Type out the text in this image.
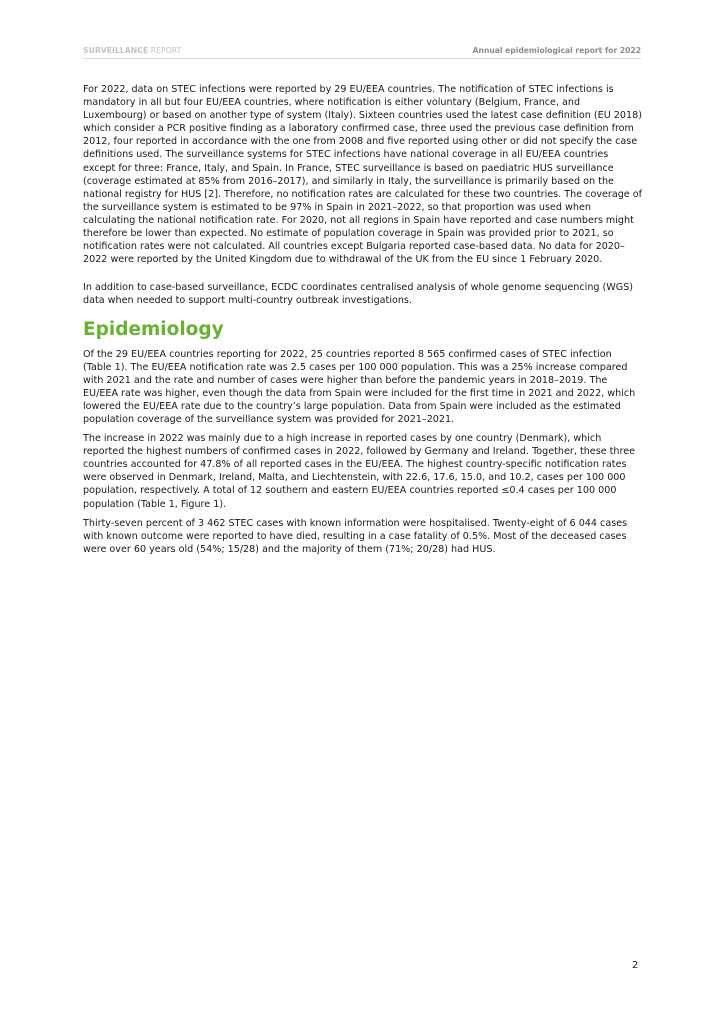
SURVEILLANCE REPORT	Annual epidemiological report for 2022

For 2022, data on STEC infections were reported by 29 EU/EEA countries. The notification of STEC infections is mandatory in all but four EU/EEA countries, where notification is either voluntary (Belgium, France, and Luxembourg) or based on another type of system (Italy). Sixteen countries used the latest case definition (EU 2018) which consider a PCR positive finding as a laboratory confirmed case, three used the previous case definition from 2012, four reported in accordance with the one from 2008 and five reported using other or did not specify the case definitions used. The surveillance systems for STEC infections have national coverage in all EU/EEA countries except for three: France, Italy, and Spain. In France, STEC surveillance is based on paediatric HUS surveillance (coverage estimated at 85% from 2016–2017), and similarly in Italy, the surveillance is primarily based on the national registry for HUS [2]. Therefore, no notification rates are calculated for these two countries. The coverage of the surveillance system is estimated to be 97% in Spain in 2021–2022, so that proportion was used when calculating the national notification rate. For 2020, not all regions in Spain have reported and case numbers might therefore be lower than expected. No estimate of population coverage in Spain was provided prior to 2021, so notification rates were not calculated. All countries except Bulgaria reported case-based data. No data for 2020–2022 were reported by the United Kingdom due to withdrawal of the UK from the EU since 1 February 2020.

In addition to case-based surveillance, ECDC coordinates centralised analysis of whole genome sequencing (WGS) data when needed to support multi-country outbreak investigations.

Epidemiology

Of the 29 EU/EEA countries reporting for 2022, 25 countries reported 8 565 confirmed cases of STEC infection (Table 1). The EU/EEA notification rate was 2.5 cases per 100 000 population. This was a 25% increase compared with 2021 and the rate and number of cases were higher than before the pandemic years in 2018–2019. The EU/EEA rate was higher, even though the data from Spain were included for the first time in 2021 and 2022, which lowered the EU/EEA rate due to the country’s large population. Data from Spain were included as the estimated population coverage of the surveillance system was provided for 2021–2021.

The increase in 2022 was mainly due to a high increase in reported cases by one country (Denmark), which reported the highest numbers of confirmed cases in 2022, followed by Germany and Ireland. Together, these three countries accounted for 47.8% of all reported cases in the EU/EEA. The highest country-specific notification rates were observed in Denmark, Ireland, Malta, and Liechtenstein, with 22.6, 17.6, 15.0, and 10.2, cases per 100 000 population, respectively. A total of 12 southern and eastern EU/EEA countries reported ≤0.4 cases per 100 000 population (Table 1, Figure 1).

Thirty-seven percent of 3 462 STEC cases with known information were hospitalised. Twenty-eight of 6 044 cases with known outcome were reported to have died, resulting in a case fatality of 0.5%. Most of the deceased cases were over 60 years old (54%; 15/28) and the majority of them (71%; 20/28) had HUS.

2
